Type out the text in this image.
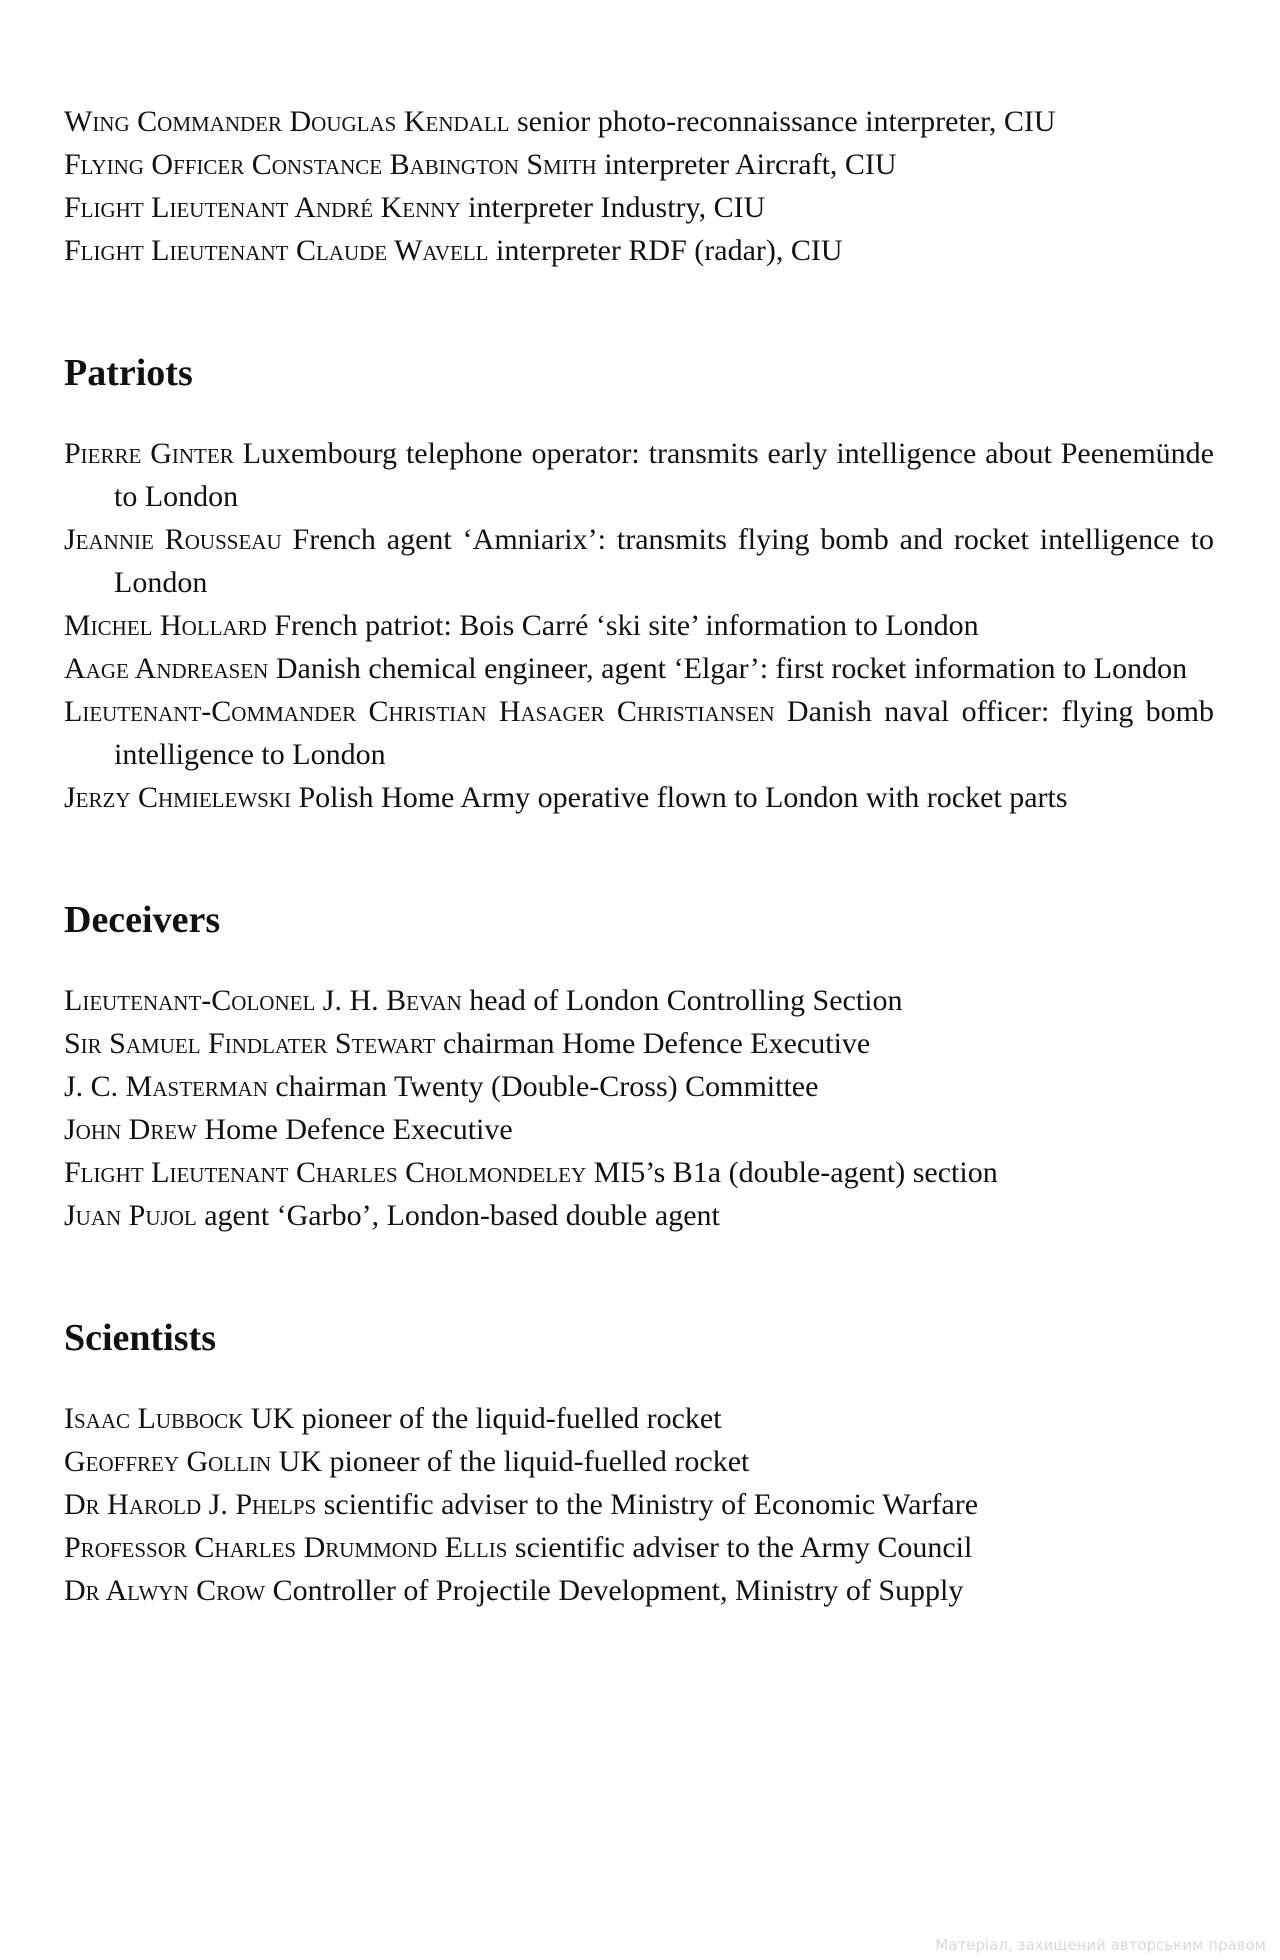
Wing Commander Douglas Kendall senior photo-reconnaissance interpreter, CIU

Flying Officer Constance Babington Smith interpreter Aircraft, CIU

Flight Lieutenant André Kenny interpreter Industry, CIU

Flight Lieutenant Claude Wavell interpreter RDF (radar), CIU

Patriots

Pierre Ginter Luxembourg telephone operator: transmits early intelligence about Peenemünde to London

Jeannie Rousseau French agent ‘Amniarix’: transmits flying bomb and rocket intelligence to London

Michel Hollard French patriot: Bois Carré ‘ski site’ information to London

Aage Andreasen Danish chemical engineer, agent ‘Elgar’: first rocket information to London

Lieutenant-Commander Christian Hasager Christiansen Danish naval officer: flying bomb intelligence to London

Jerzy Chmielewski Polish Home Army operative flown to London with rocket parts

Deceivers

Lieutenant-Colonel J. H. Bevan head of London Controlling Section

Sir Samuel Findlater Stewart chairman Home Defence Executive

J. C. Masterman chairman Twenty (Double-Cross) Committee

John Drew Home Defence Executive

Flight Lieutenant Charles Cholmondeley MI5’s B1a (double-agent) section

Juan Pujol agent ‘Garbo’, London-based double agent

Scientists

Isaac Lubbock UK pioneer of the liquid-fuelled rocket

Geoffrey Gollin UK pioneer of the liquid-fuelled rocket

Dr Harold J. Phelps scientific adviser to the Ministry of Economic Warfare

Professor Charles Drummond Ellis scientific adviser to the Army Council

Dr Alwyn Crow Controller of Projectile Development, Ministry of Supply

Матеріал, захищений авторським правом
